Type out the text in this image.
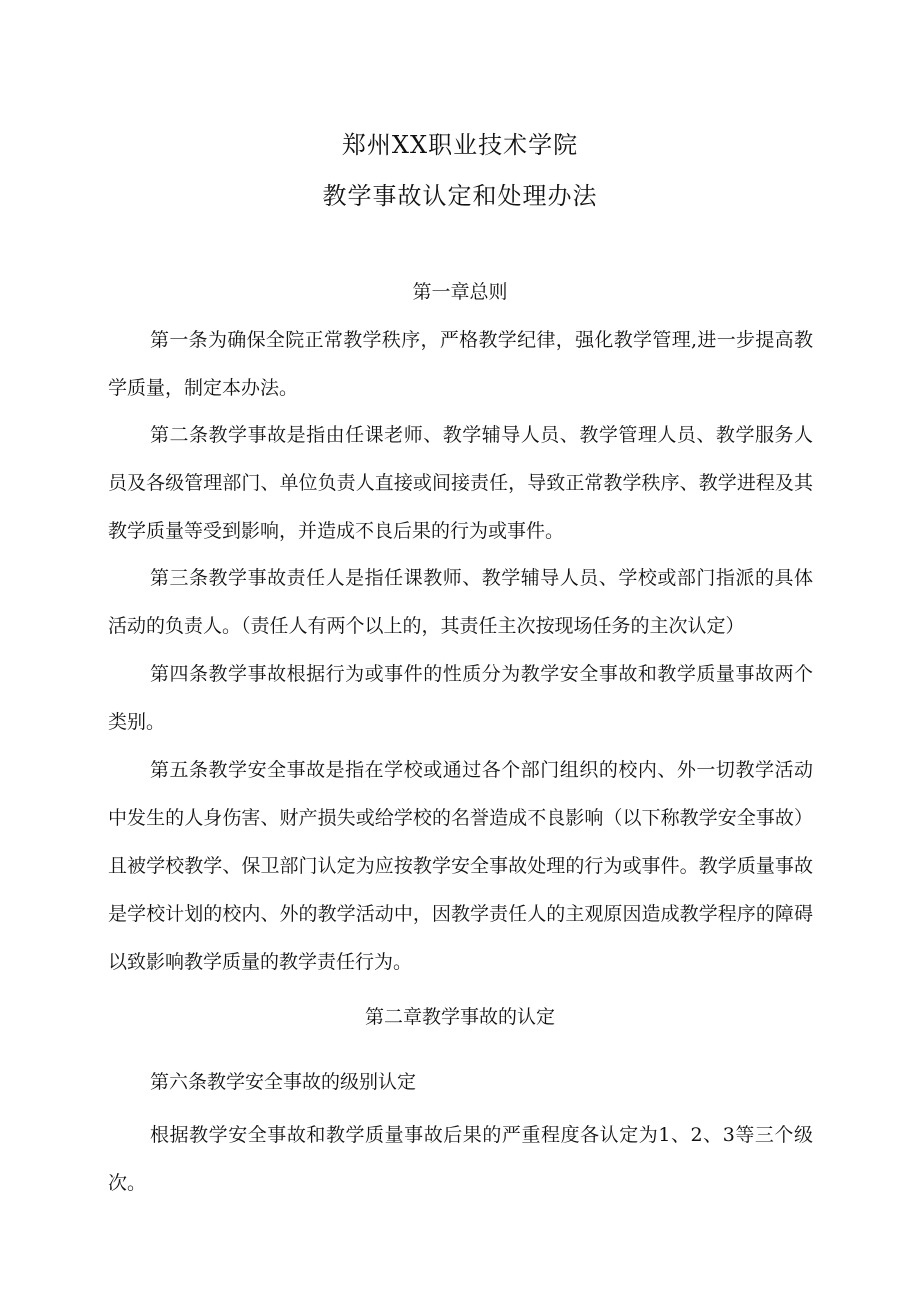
郑州XX职业技术学院
教学事故认定和处理办法
第一章总则
第一条为确保全院正常教学秩序，严格教学纪律，强化教学管理,进一步提高教学质量，制定本办法。
第二条教学事故是指由任课老师、教学辅导人员、教学管理人员、教学服务人员及各级管理部门、单位负责人直接或间接责任，导致正常教学秩序、教学进程及其教学质量等受到影响，并造成不良后果的行为或事件。
第三条教学事故责任人是指任课教师、教学辅导人员、学校或部门指派的具体活动的负责人。（责任人有两个以上的，其责任主次按现场任务的主次认定）
第四条教学事故根据行为或事件的性质分为教学安全事故和教学质量事故两个类别。
第五条教学安全事故是指在学校或通过各个部门组织的校内、外一切教学活动中发生的人身伤害、财产损失或给学校的名誉造成不良影响（以下称教学安全事故）且被学校教学、保卫部门认定为应按教学安全事故处理的行为或事件。教学质量事故是学校计划的校内、外的教学活动中，因教学责任人的主观原因造成教学程序的障碍以致影响教学质量的教学责任行为。
第二章教学事故的认定
第六条教学安全事故的级别认定
根据教学安全事故和教学质量事故后果的严重程度各认定为1、2、3等三个级次。
